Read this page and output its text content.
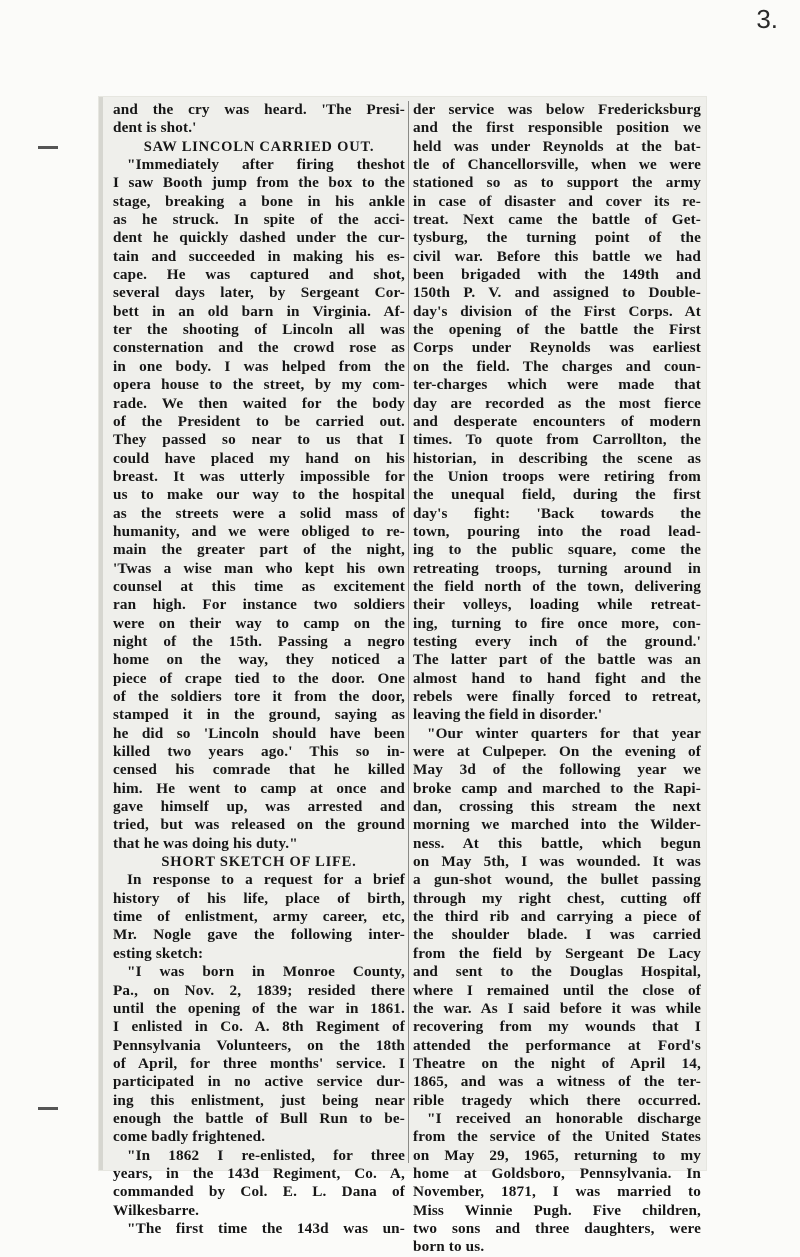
3.
and the cry was heard. 'The Presi-
dent is shot.'
SAW LINCOLN CARRIED OUT.
"Immediately after firing theshot
I saw Booth jump from the box to the
stage, breaking a bone in his ankle
as he struck. In spite of the acci-
dent he quickly dashed under the cur-
tain and succeeded in making his es-
cape. He was captured and shot,
several days later, by Sergeant Cor-
bett in an old barn in Virginia. Af-
ter the shooting of Lincoln all was
consternation and the crowd rose as
in one body. I was helped from the
opera house to the street, by my com-
rade. We then waited for the body
of the President to be carried out.
They passed so near to us that I
could have placed my hand on his
breast. It was utterly impossible for
us to make our way to the hospital
as the streets were a solid mass of
humanity, and we were obliged to re-
main the greater part of the night,
'Twas a wise man who kept his own
counsel at this time as excitement
ran high. For instance two soldiers
were on their way to camp on the
night of the 15th. Passing a negro
home on the way, they noticed a
piece of crape tied to the door. One
of the soldiers tore it from the door,
stamped it in the ground, saying as
he did so 'Lincoln should have been
killed two years ago.' This so in-
censed his comrade that he killed
him. He went to camp at once and
gave himself up, was arrested and
tried, but was released on the ground
that he was doing his duty."
SHORT SKETCH OF LIFE.
In response to a request for a brief
history of his life, place of birth,
time of enlistment, army career, etc,
Mr. Nogle gave the following inter-
esting sketch:
"I was born in Monroe County,
Pa., on Nov. 2, 1839; resided there
until the opening of the war in 1861.
I enlisted in Co. A. 8th Regiment of
Pennsylvania Volunteers, on the 18th
of April, for three months' service. I
participated in no active service dur-
ing this enlistment, just being near
enough the battle of Bull Run to be-
come badly frightened.
"In 1862 I re-enlisted, for three
years, in the 143d Regiment, Co. A,
commanded by Col. E. L. Dana of
Wilkesbarre.
"The first time the 143d was un-
der service was below Fredericksburg
and the first responsible position we
held was under Reynolds at the bat-
tle of Chancellorsville, when we were
stationed so as to support the army
in case of disaster and cover its re-
treat. Next came the battle of Get-
tysburg, the turning point of the
civil war. Before this battle we had
been brigaded with the 149th and
150th P. V. and assigned to Double-
day's division of the First Corps. At
the opening of the battle the First
Corps under Reynolds was earliest
on the field. The charges and coun-
ter-charges which were made that
day are recorded as the most fierce
and desperate encounters of modern
times. To quote from Carrollton, the
historian, in describing the scene as
the Union troops were retiring from
the unequal field, during the first
day's fight: 'Back towards the
town, pouring into the road lead-
ing to the public square, come the
retreating troops, turning around in
the field north of the town, delivering
their volleys, loading while retreat-
ing, turning to fire once more, con-
testing every inch of the ground.'
The latter part of the battle was an
almost hand to hand fight and the
rebels were finally forced to retreat,
leaving the field in disorder.'
"Our winter quarters for that year
were at Culpeper. On the evening of
May 3d of the following year we
broke camp and marched to the Rapi-
dan, crossing this stream the next
morning we marched into the Wilder-
ness. At this battle, which begun
on May 5th, I was wounded. It was
a gun-shot wound, the bullet passing
through my right chest, cutting off
the third rib and carrying a piece of
the shoulder blade. I was carried
from the field by Sergeant De Lacy
and sent to the Douglas Hospital,
where I remained until the close of
the war. As I said before it was while
recovering from my wounds that I
attended the performance at Ford's
Theatre on the night of April 14,
1865, and was a witness of the ter-
rible tragedy which there occurred.
"I received an honorable discharge
from the service of the United States
on May 29, 1965, returning to my
home at Goldsboro, Pennsylvania. In
November, 1871, I was married to
Miss Winnie Pugh. Five children,
two sons and three daughters, were
born to us.
